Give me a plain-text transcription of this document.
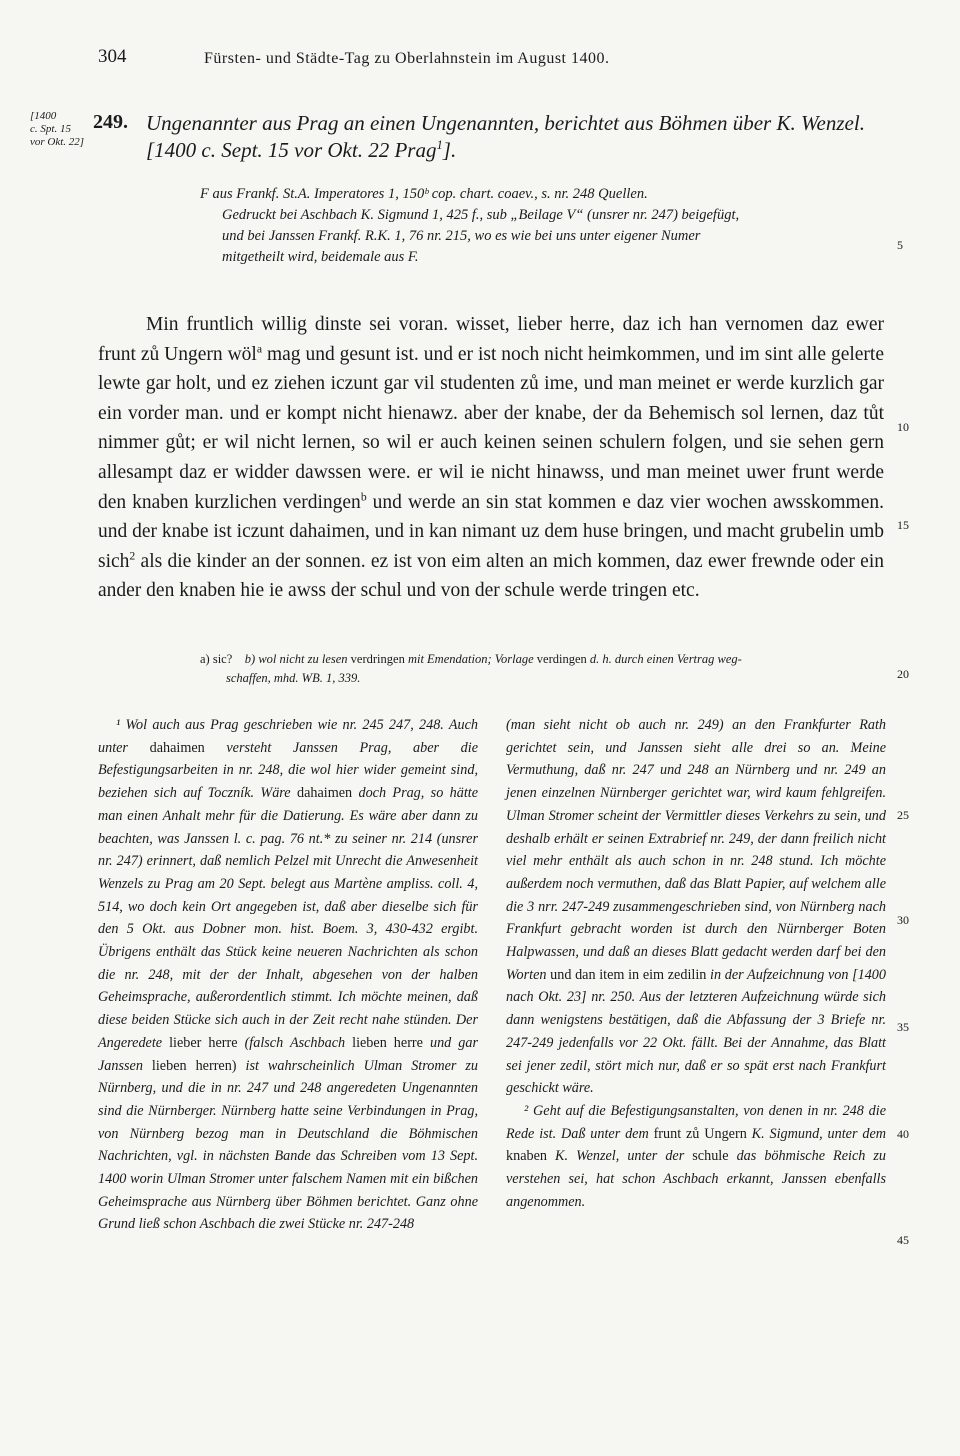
304	Fürsten- und Städte-Tag zu Oberlahnstein im August 1400.
[1400
c. Spt. 15
vor Okt. 22]
249. Ungenannter aus Prag an einen Ungenannten, berichtet aus Böhmen über K. Wenzel.
[1400 c. Sept. 15 vor Okt. 22 Prag$^1$].

F aus Frankf. St.A. Imperatores 1, 150ᵇ cop. chart. coaev., s. nr. 248 Quellen.

Gedruckt bei Aschbach K. Sigmund 1, 425 f., sub „Beilage V“ (unsrer nr. 247) beigefügt,

und bei Janssen Frankf. R.K. 1, 76 nr. 215, wo es wie bei uns unter eigener Numer

mitgetheilt wird, beidemale aus F.

Min fruntlich willig dinste sei voran. wisset, lieber herre, daz ich han vernomen daz ewer frunt zů Ungern wöl$^a$ mag und gesunt ist. und er ist noch nicht heimkommen, und im sint alle gelerte lewte gar holt, und ez ziehen iczunt gar vil studenten zů ime, und man meinet er werde kurzlich gar ein vorder man. und er kompt nicht hienawz. aber der knabe, der da Behemisch sol lernen, daz tůt nimmer gůt; er wil nicht lernen, so wil er auch keinen seinen schulern folgen, und sie sehen gern allesampt daz er widder dawssen were. er wil ie nicht hinawss, und man meinet uwer frunt werde den knaben kurzlichen verdingen$^b$ und werde an sin stat kommen e daz vier wochen awsskommen. und der knabe ist iczunt dahaimen, und in kan nimant uz dem huse bringen, und macht grubelin umb sich$^2$ als die kinder an der sonnen. ez ist von eim alten an mich kommen, daz ewer frewnde oder ein ander den knaben hie ie awss der schul und von der schule werde tringen etc.

a) sic? b) wol nicht zu lesen verdringen mit Emendation; Vorlage verdingen d. h. durch einen Vertrag weg-
schaffen, mhd. WB. 1, 339.
5
10
15
20
25
30
35
40
45

¹ Wol auch aus Prag geschrieben wie nr. 245 247, 248. Auch unter dahaimen versteht Janssen Prag, aber die Befestigungsarbeiten in nr. 248, die wol hier wider gemeint sind, beziehen sich auf Toczník. Wäre dahaimen doch Prag, so hätte man einen Anhalt mehr für die Datierung. Es wäre aber dann zu beachten, was Janssen l. c. pag. 76 nt.* zu seiner nr. 214 (unsrer nr. 247) erinnert, daß nemlich Pelzel mit Unrecht die Anwesenheit Wenzels zu Prag am 20 Sept. belegt aus Martène ampliss. coll. 4, 514, wo doch kein Ort angegeben ist, daß aber dieselbe sich für den 5 Okt. aus Dobner mon. hist. Boem. 3, 430-432 ergibt. Übrigens enthält das Stück keine neueren Nachrichten als schon die nr. 248, mit der der Inhalt, abgesehen von der halben Geheimsprache, außerordentlich stimmt. Ich möchte meinen, daß diese beiden Stücke sich auch in der Zeit recht nahe stünden. Der Angeredete lieber herre (falsch Aschbach lieben herre und gar Janssen lieben herren) ist wahrscheinlich Ulman Stromer zu Nürnberg, und die in nr. 247 und 248 angeredeten Ungenannten sind die Nürnberger. Nürnberg hatte seine Verbindungen in Prag, von Nürnberg bezog man in Deutschland die Böhmischen Nachrichten, vgl. in nächsten Bande das Schreiben vom 13 Sept. 1400 worin Ulman Stromer unter falschem Namen mit ein bißchen Geheimsprache aus Nürnberg über Böhmen berichtet. Ganz ohne Grund ließ schon Aschbach die zwei Stücke nr. 247-248

(man sieht nicht ob auch nr. 249) an den Frankfurter Rath gerichtet sein, und Janssen sieht alle drei so an. Meine Vermuthung, daß nr. 247 und 248 an Nürnberg und nr. 249 an jenen einzelnen Nürnberger gerichtet war, wird kaum fehlgreifen. Ulman Stromer scheint der Vermittler dieses Verkehrs zu sein, und deshalb erhält er seinen Extrabrief nr. 249, der dann freilich nicht viel mehr enthält als auch schon in nr. 248 stund. Ich möchte außerdem noch vermuthen, daß das Blatt Papier, auf welchem alle die 3 nrr. 247-249 zusammengeschrieben sind, von Nürnberg nach Frankfurt gebracht worden ist durch den Nürnberger Boten Halpwassen, und daß an dieses Blatt gedacht werden darf bei den Worten und dan item in eim zedilin in der Aufzeichnung von [1400 nach Okt. 23] nr. 250. Aus der letzteren Aufzeichnung würde sich dann wenigstens bestätigen, daß die Abfassung der 3 Briefe nr. 247-249 jedenfalls vor 22 Okt. fällt. Bei der Annahme, das Blatt sei jener zedil, stört mich nur, daß er so spät erst nach Frankfurt geschickt wäre.

² Geht auf die Befestigungsanstalten, von denen in nr. 248 die Rede ist. Daß unter dem frunt zů Ungern K. Sigmund, unter dem knaben K. Wenzel, unter der schule das böhmische Reich zu verstehen sei, hat schon Aschbach erkannt, Janssen ebenfalls angenommen.
